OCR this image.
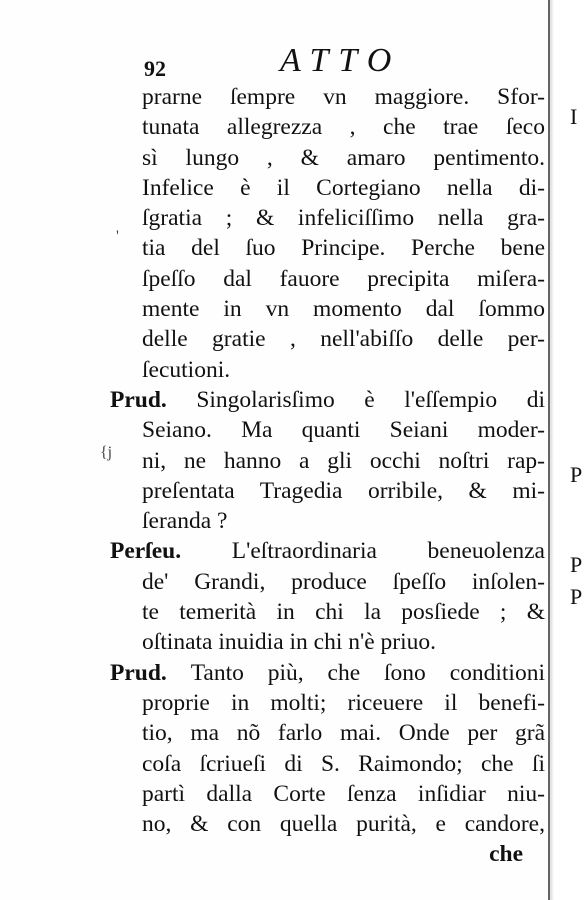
I
P
P
P
'
{j
92	ATTO
prarne ſempre vn maggiore. Sfor-
tunata allegrezza , che trae ſeco
sì lungo , & amaro pentimento.
Infelice è il Cortegiano nella di-
ſgratia ; & infeliciſſimo nella gra-
tia del ſuo Principe. Perche bene
ſpeſſo dal fauore precipita miſera-
mente in vn momento dal ſommo
delle gratie , nell'abiſſo delle per-
ſecutioni.
Prud. Singolarisſimo è l'eſſempio di
Seiano. Ma quanti Seiani moder-
ni, ne hanno a gli occhi noſtri rap-
preſentata Tragedia orribile, & mi-
ſeranda ?
Perſeu. L'eſtraordinaria beneuolenza
de' Grandi, produce ſpeſſo inſolen-
te temerità in chi la posſiede ; &
oſtinata inuidia in chi n'è priuo.
Prud. Tanto più, che ſono conditioni
proprie in molti; riceuere il benefi-
tio, ma nõ farlo mai. Onde per grã
coſa ſcriueſi di S. Raimondo; che ſi
partì dalla Corte ſenza inſidiar niu-
no, & con quella purità, e candore,
che
